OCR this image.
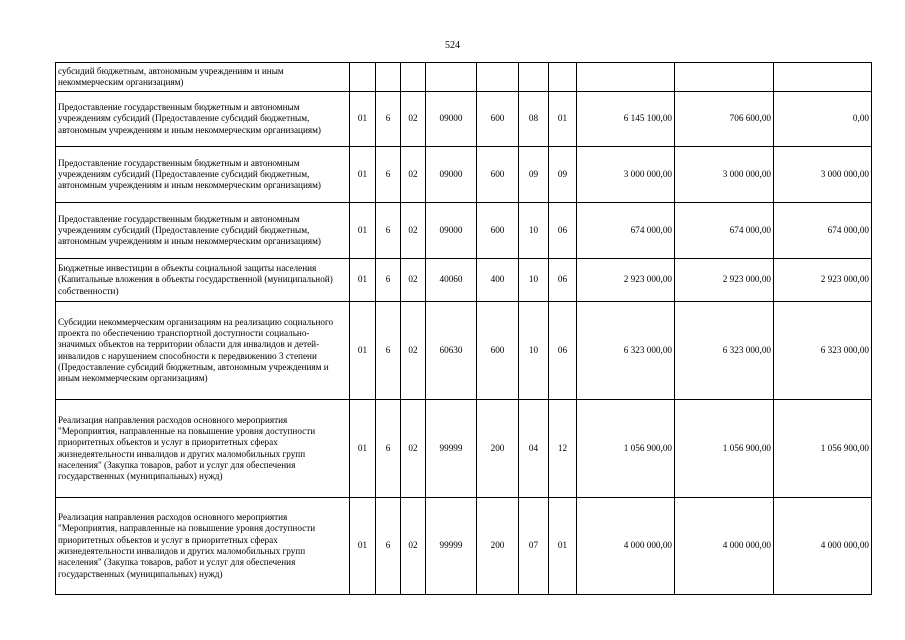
524
субсидий бюджетным, автономным учреждениям и иным некоммерческим организациям)										
Предоставление государственным бюджетным и автономным учреждениям субсидий (Предоставление субсидий бюджетным, автономным учреждениям и иным некоммерческим организациям)	01	6	02	09000	600	08	01	6 145 100,00	706 600,00	0,00
Предоставление государственным бюджетным и автономным учреждениям субсидий (Предоставление субсидий бюджетным, автономным учреждениям и иным некоммерческим организациям)	01	6	02	09000	600	09	09	3 000 000,00	3 000 000,00	3 000 000,00
Предоставление государственным бюджетным и автономным учреждениям субсидий (Предоставление субсидий бюджетным, автономным учреждениям и иным некоммерческим организациям)	01	6	02	09000	600	10	06	674 000,00	674 000,00	674 000,00
Бюджетные инвестиции в объекты социальной защиты населения (Капитальные вложения в объекты государственной (муниципальной) собственности)	01	6	02	40060	400	10	06	2 923 000,00	2 923 000,00	2 923 000,00
Субсидии некоммерческим организациям на реализацию социального проекта по обеспечению транспортной доступности социально-значимых объектов на территории области для инвалидов и детей-инвалидов с нарушением способности к передвижению 3 степени (Предоставление субсидий бюджетным, автономным учреждениям и иным некоммерческим организациям)	01	6	02	60630	600	10	06	6 323 000,00	6 323 000,00	6 323 000,00
Реализация направления расходов основного мероприятия "Мероприятия, направленные на повышение уровня доступности приоритетных объектов и услуг в приоритетных сферах жизнедеятельности инвалидов и других маломобильных групп населения" (Закупка товаров, работ и услуг для обеспечения государственных (муниципальных) нужд)	01	6	02	99999	200	04	12	1 056 900,00	1 056 900,00	1 056 900,00
Реализация направления расходов основного мероприятия "Мероприятия, направленные на повышение уровня доступности приоритетных объектов и услуг в приоритетных сферах жизнедеятельности инвалидов и других маломобильных групп населения" (Закупка товаров, работ и услуг для обеспечения государственных (муниципальных) нужд)	01	6	02	99999	200	07	01	4 000 000,00	4 000 000,00	4 000 000,00
